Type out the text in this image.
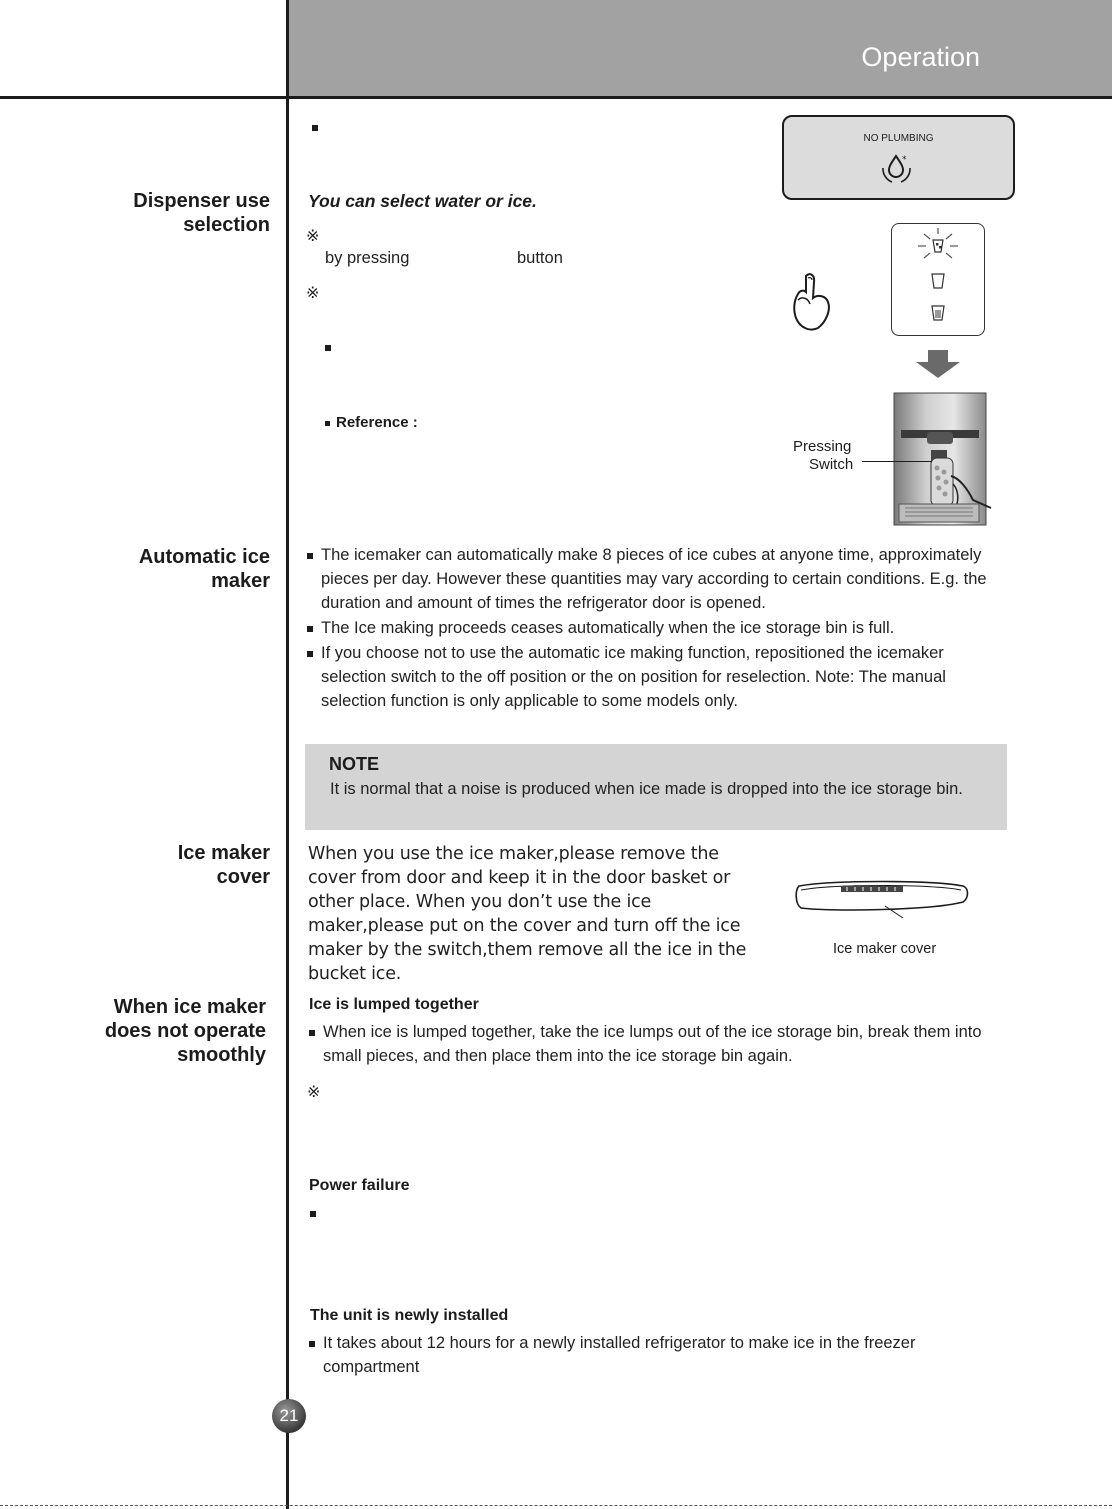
Operation
Dispenser use
selection
Automatic ice
maker
Ice maker
cover
When ice maker
does not operate
smoothly
You can select water or ice.
※
by pressing	button
※
Reference :
NO PLUMBING
*
Pressing
Switch
The icemaker can automatically make 8 pieces of ice cubes at anyone time, approximately pieces per day. However these quantities may vary according to certain conditions. E.g. the duration and amount of times the refrigerator door is opened.
The Ice making proceeds ceases automatically when the ice storage bin is full.
If you choose not to use the automatic ice making function, repositioned the icemaker selection switch to the off position or the on position for reselection. Note: The manual selection function is only applicable to some models only.
NOTE
It is normal that a noise is produced when ice made is dropped into the ice storage bin.
When you use the ice maker,please remove the cover from door and keep it in the door basket or other place. When you don’t use the ice maker,please put on the cover and turn off the ice maker by the switch,them remove all the ice in the bucket ice.
Ice maker cover
Ice is lumped together
When ice is lumped together, take the ice lumps out of the ice storage bin, break them into small pieces, and then place them into the ice storage bin again.
※
Power failure
The unit is newly installed
It takes about 12 hours for a newly installed refrigerator to make ice in the freezer compartment
21
